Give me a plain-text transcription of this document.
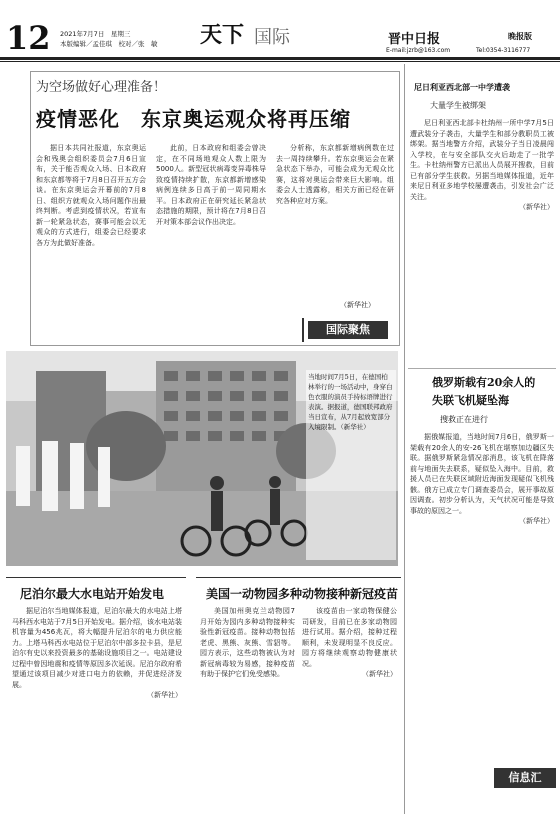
12 2021年7月7日　星期三
本版编辑／孟佳琪　校对／张　敏 天下 国际	晋中日报	晚报版
E-mail:jzrb@163.com	Tel:0354-3116777
为空场做好心理准备！
疫情恶化　东京奥运观众将再压缩
据日本共同社报道，东京奥运会和残奥会组织委员会7月6日宣布，关于能否观众入场、日本政府和东京都等将于7月8日召开五方会谈。在东京奥运会开幕前的7月8日、组织方就观众入场问题作出最终判断。考虑到疫情状况，若宣布新一轮紧急状态，赛事可能会以无观众的方式进行，组委会已经要求各方为此做好准备。
此前，日本政府和组委会曾决定，在不同场地观众人数上限为5000人。新型冠状病毒变异毒株导致疫情持续扩散，东京都新增感染病例连续多日高于前一周同期水平。日本政府正在研究延长紧急状态措施的期限，预计将在7月8日召开对策本部会议作出决定。
分析称，东京都新增病例数在过去一周持续攀升。若东京奥运会在紧急状态下举办，可能会成为无观众比赛，这将对奥运会带来巨大影响。组委会人士透露称，相关方面已经在研究各种应对方案。
（新华社）
国际聚焦
当地时间7月5日，在德国柏林举行的一场活动中，身穿白色衣服的演员手持标语牌进行表演。据报道，德国联邦政府当日宣布，从7月起放宽部分入境限制。（新华社）
尼泊尔最大水电站开始发电
据尼泊尔当地媒体报道，尼泊尔最大的水电站上塔马科西水电站于7月5日开始发电。据介绍，该水电站装机容量为456兆瓦，将大幅提升尼泊尔的电力供应能力。上塔马科西水电站位于尼泊尔中部多拉卡县，是尼泊尔有史以来投资最多的基础设施项目之一。电站建设过程中曾因地震和疫情等原因多次延误。尼泊尔政府希望通过该项目减少对进口电力的依赖，并促进经济发展。
（新华社）
美国一动物园多种动物接种新冠疫苗
美国加州奥克兰动物园7月开始为园内多种动物接种实验性新冠疫苗。接种动物包括老虎、黑熊、灰熊、雪貂等。园方表示，这些动物被认为对新冠病毒较为易感，接种疫苗有助于保护它们免受感染。
该疫苗由一家动物保健公司研发，目前已在多家动物园进行试用。据介绍，接种过程顺利，未发现明显不良反应。园方将继续观察动物健康状况。
（新华社）
尼日利亚西北部一中学遭袭
大量学生被绑架
尼日利亚西北部卡杜纳州一所中学7月5日遭武装分子袭击，大量学生和部分教职员工被绑架。据当地警方介绍，武装分子当日凌晨闯入学校，在与安全部队交火后劫走了一批学生。卡杜纳州警方已派出人员展开搜救，目前已有部分学生获救。另据当地媒体报道，近年来尼日利亚多地学校屡遭袭击，引发社会广泛关注。
（新华社）
俄罗斯载有20余人的
失联飞机疑坠海
搜救正在进行
据俄媒报道，当地时间7月6日，俄罗斯一架载有20余人的安-26飞机在堪察加边疆区失联。据俄罗斯紧急情况部消息，该飞机在降落前与地面失去联系，疑似坠入海中。目前，救援人员已在失联区域附近海面发现疑似飞机残骸。俄方已成立专门调查委员会，展开事故原因调查。初步分析认为，天气状况可能是导致事故的原因之一。
（新华社）
信息汇
